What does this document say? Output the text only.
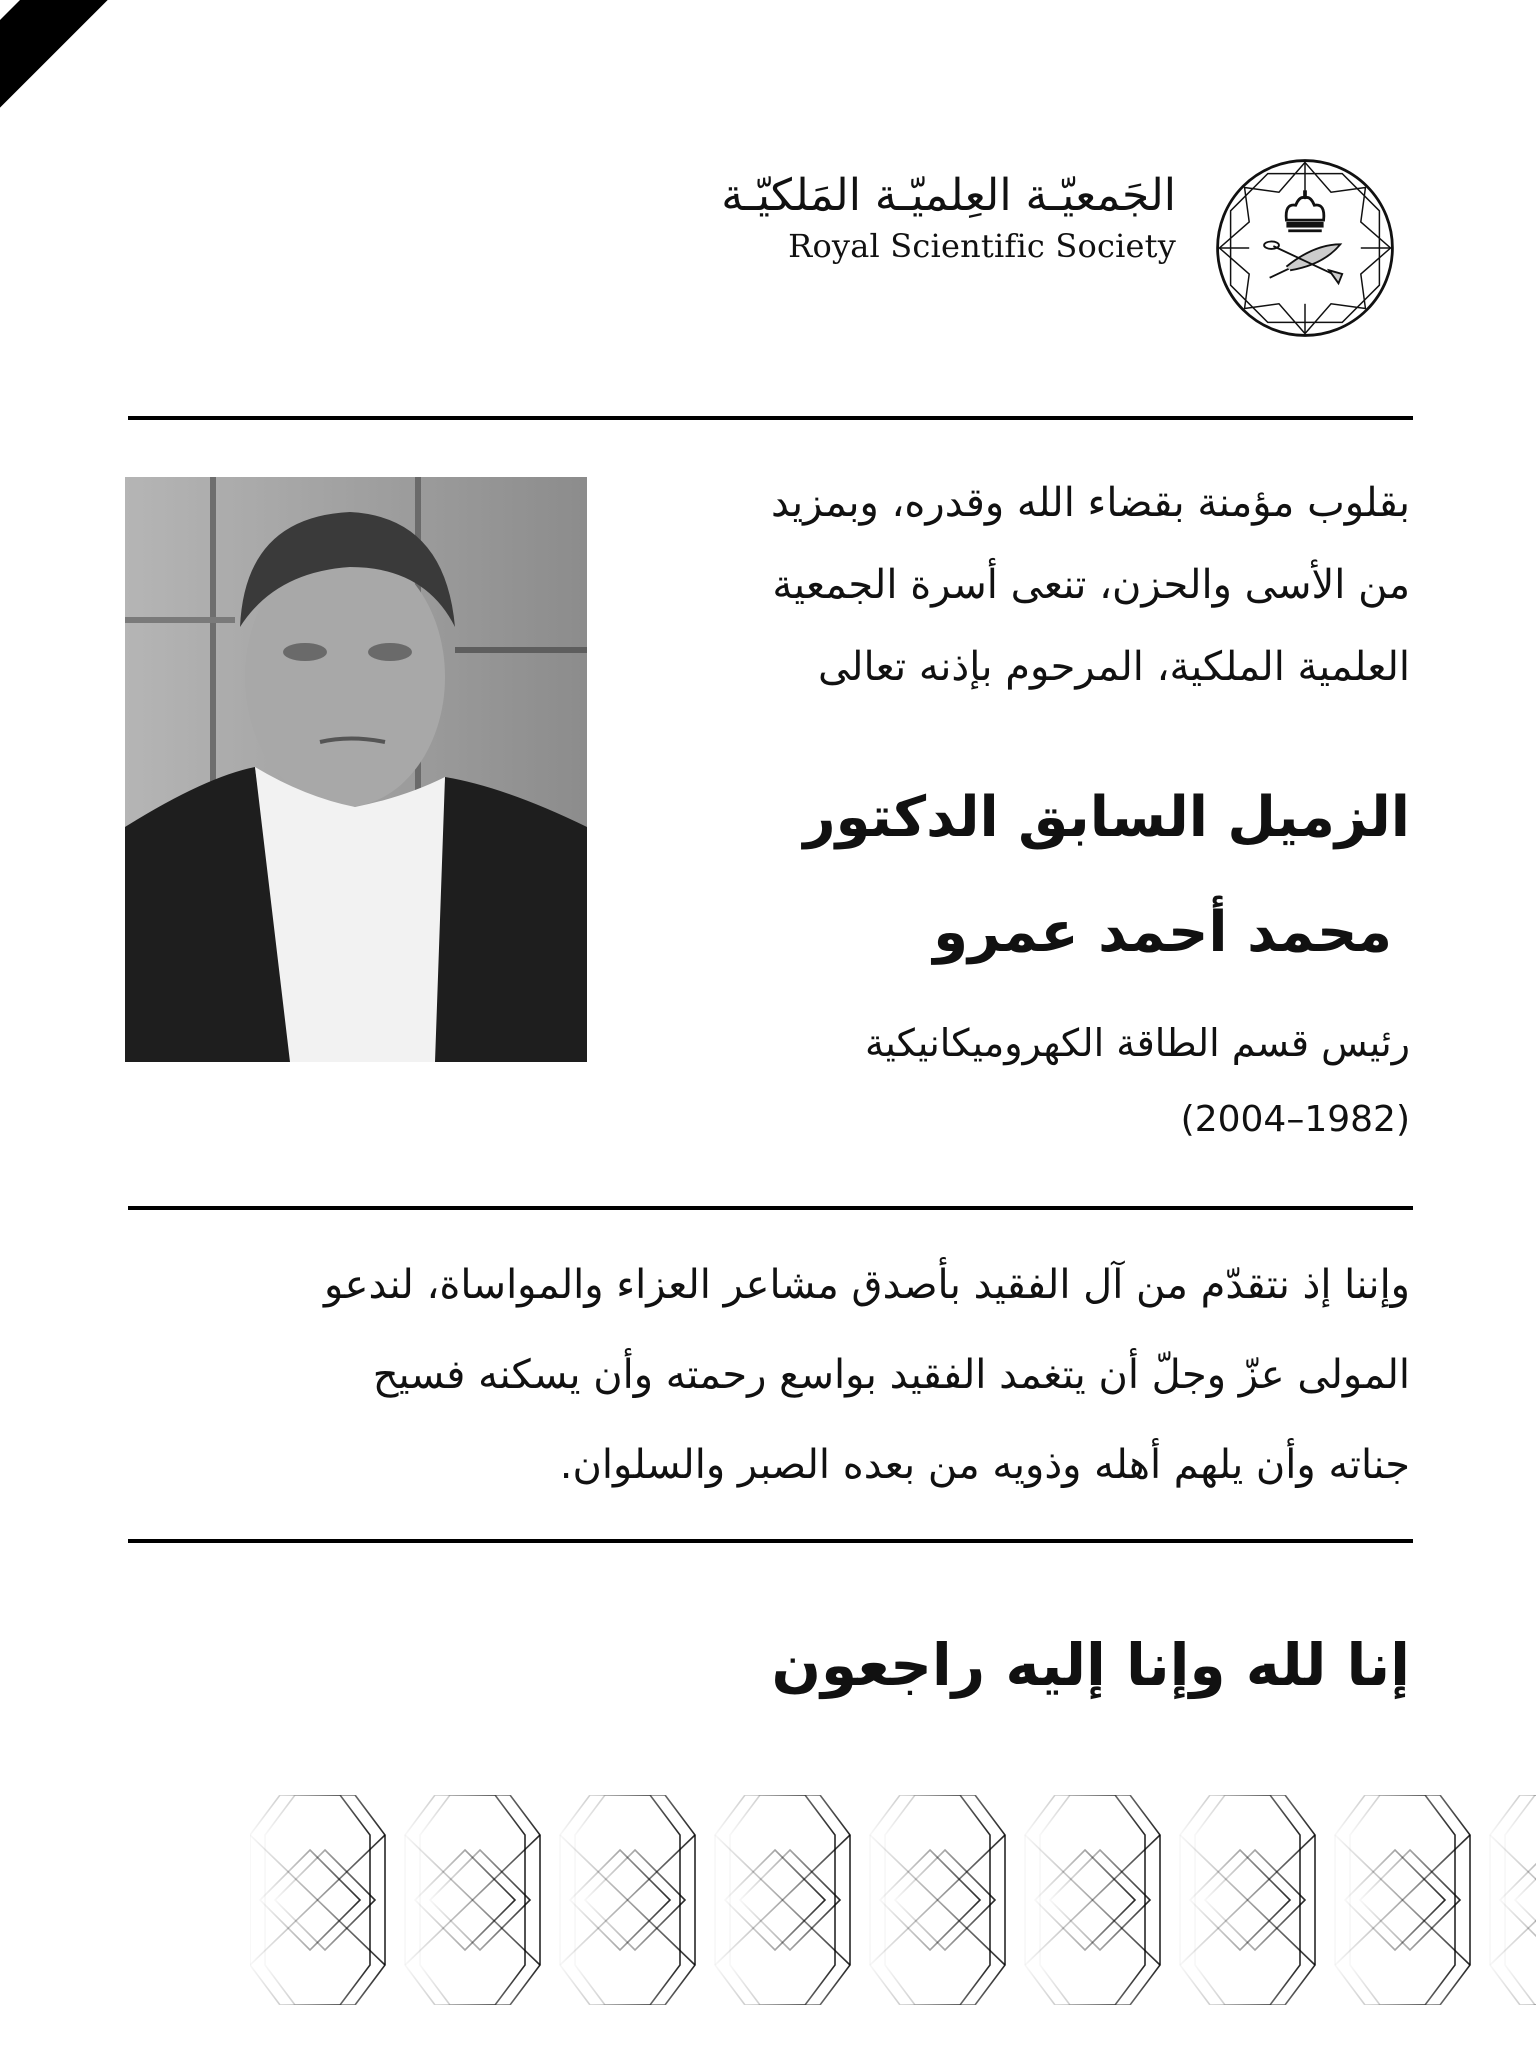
الجَمعيّـة العِلميّـة المَلكيّـة
Royal Scientific Society
بقلوب مؤمنة بقضاء الله وقدره، وبمزيد
من الأسى والحزن، تنعى أسرة الجمعية
العلمية الملكية، المرحوم بإذنه تعالى
الزميل السابق الدكتور
محمد أحمد عمرو
رئيس قسم الطاقة الكهروميكانيكية
(2004–1982)
وإننا إذ نتقدّم من آل الفقيد بأصدق مشاعر العزاء والمواساة، لندعو
المولى عزّ وجلّ أن يتغمد الفقيد بواسع رحمته وأن يسكنه فسيح
جناته وأن يلهم أهله وذويه من بعده الصبر والسلوان.
إنا لله وإنا إليه راجعون
